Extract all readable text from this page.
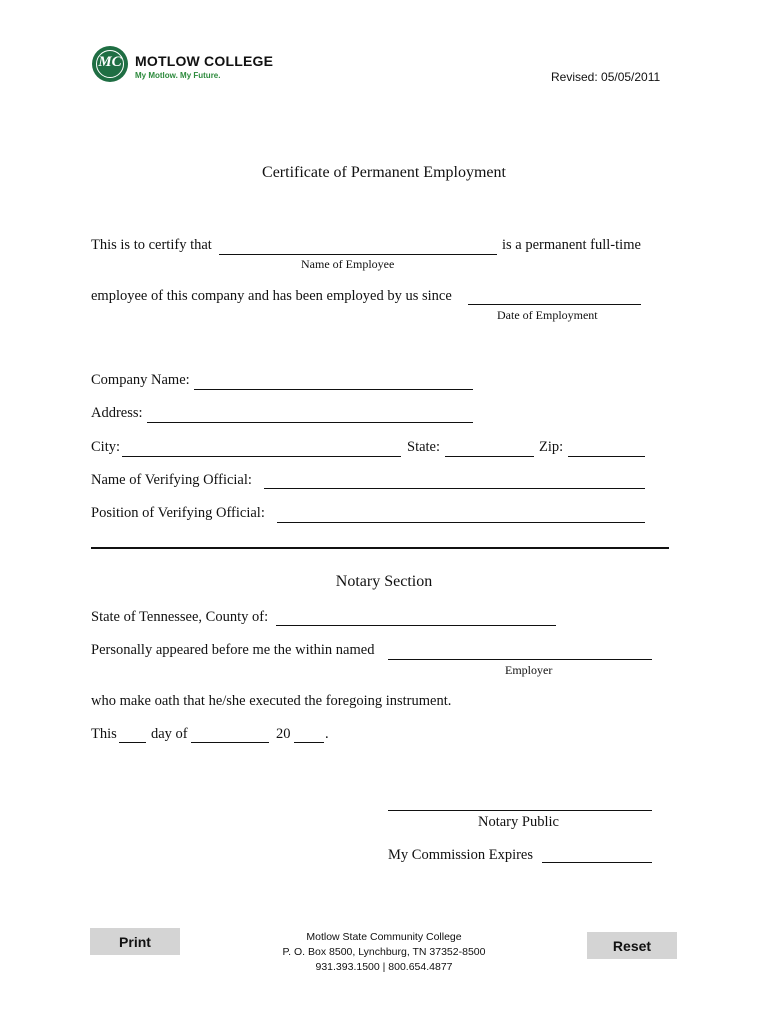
MC MOTLOW COLLEGE
My Motlow. My Future.	Revised: 05/05/2011
Certificate of Permanent Employment
This is to certify that	is a permanent full-time
Name of Employee
employee of this company and has been employed by us since
Date of Employment
Company Name:
Address:
City:	State:	Zip:
Name of Verifying Official:
Position of Verifying Official:
Notary Section
State of Tennessee, County of:
Personally appeared before me the within named
Employer
who make oath that he/she executed the foregoing instrument.
This day of	20 .
Notary Public
My Commission Expires
Print	Reset
Motlow State Community College
P. O. Box 8500, Lynchburg, TN 37352-8500
931.393.1500 | 800.654.4877
